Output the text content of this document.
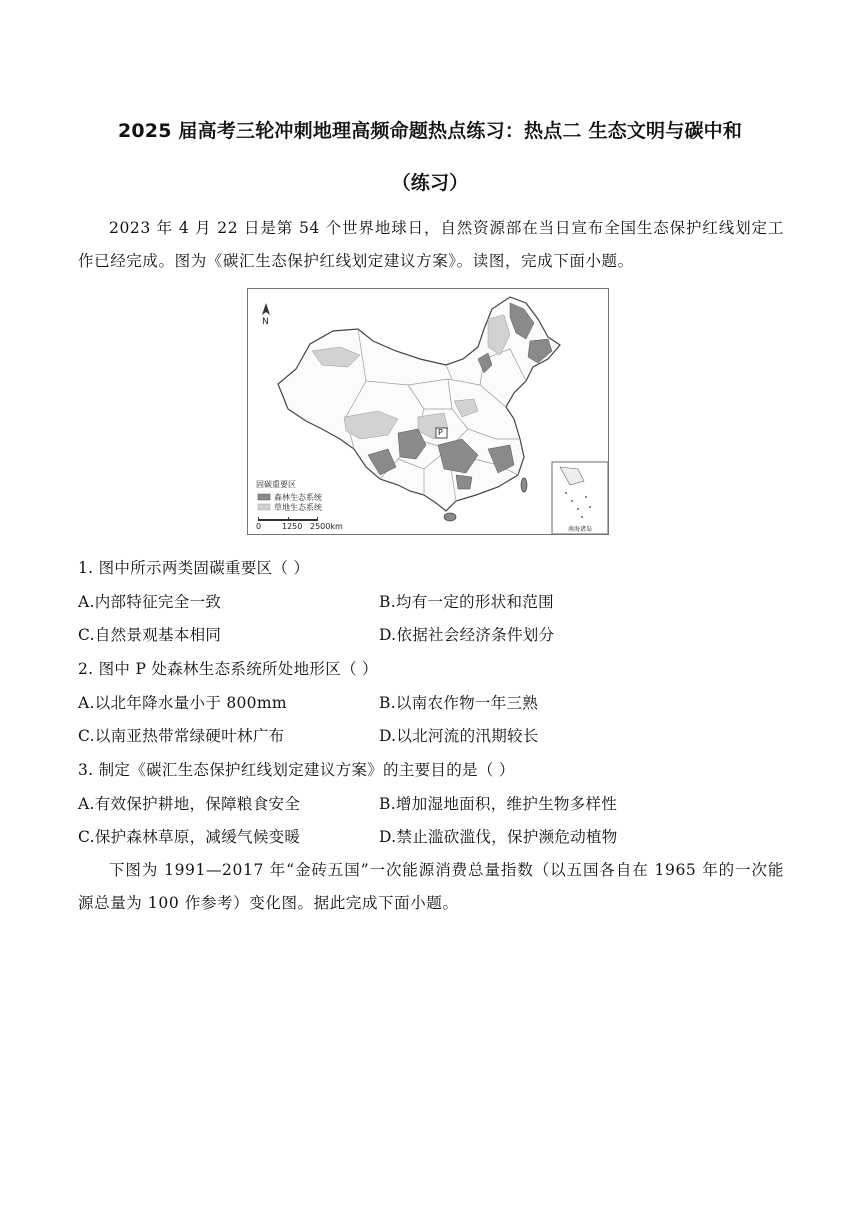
2025 届高考三轮冲刺地理高频命题热点练习：热点二 生态文明与碳中和
（练习）
2023 年 4 月 22 日是第 54 个世界地球日，自然资源部在当日宣布全国生态保护红线划定工作已经完成。图为《碳汇生态保护红线划定建议方案》。读图，完成下面小题。
N
P
固碳重要区
森林生态系统
草地生态系统
0	1250 2500km	南海诸岛
1. 图中所示两类固碳重要区（ ）
A.内部特征完全一致	B.均有一定的形状和范围
C.自然景观基本相同	D.依据社会经济条件划分
2. 图中 P 处森林生态系统所处地形区（ ）
A.以北年降水量小于 800mm	B.以南农作物一年三熟
C.以南亚热带常绿硬叶林广布	D.以北河流的汛期较长
3. 制定《碳汇生态保护红线划定建议方案》的主要目的是（ ）
A.有效保护耕地，保障粮食安全	B.增加湿地面积，维护生物多样性
C.保护森林草原，减缓气候变暖	D.禁止滥砍滥伐，保护濒危动植物
下图为 1991—2017 年“金砖五国”一次能源消费总量指数（以五国各自在 1965 年的一次能源总量为 100 作参考）变化图。据此完成下面小题。
